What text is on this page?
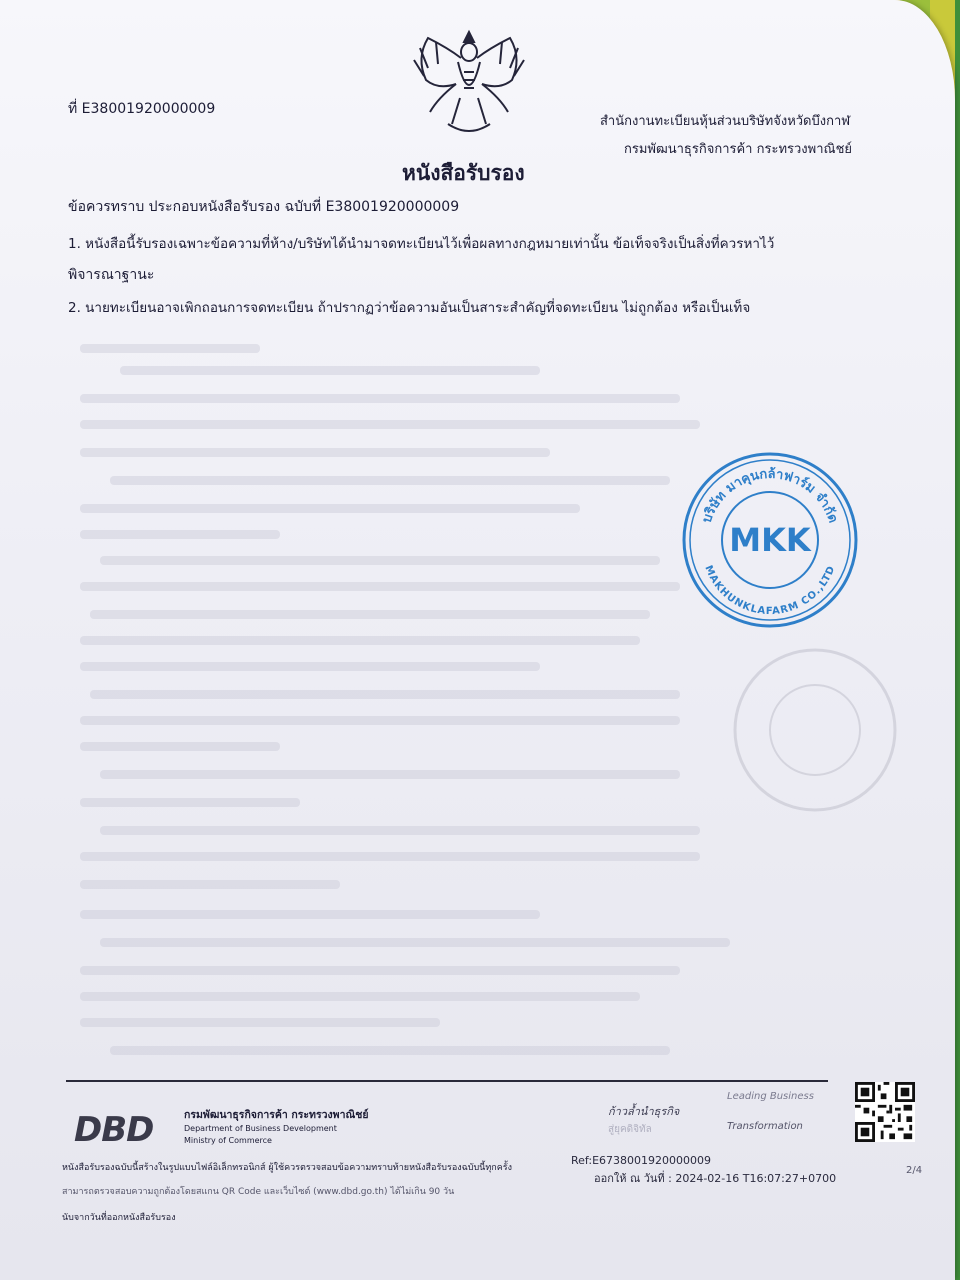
ที่ E38001920000009
สำนักงานทะเบียนหุ้นส่วนบริษัทจังหวัดบึงกาฬ
กรมพัฒนาธุรกิจการค้า กระทรวงพาณิชย์
หนังสือรับรอง
ข้อควรทราบ ประกอบหนังสือรับรอง ฉบับที่ E38001920000009
1. หนังสือนี้รับรองเฉพาะข้อความที่ห้าง/บริษัทได้นำมาจดทะเบียนไว้เพื่อผลทางกฎหมายเท่านั้น ข้อเท็จจริงเป็นสิ่งที่ควรหาไว้
พิจารณาฐานะ
2. นายทะเบียนอาจเพิกถอนการจดทะเบียน ถ้าปรากฏว่าข้อความอันเป็นสาระสำคัญที่จดทะเบียน ไม่ถูกต้อง หรือเป็นเท็จ
บริษัท มาคุนกล้าฟาร์ม จำกัด
MAKHUNKLAFARM CO.,LTD
MKK
DBD	กรมพัฒนาธุรกิจการค้า กระทรวงพาณิชย์
Department of Business Development
Ministry of Commerce
ก้าวล้ำนำธุรกิจ
สู่ยุคดิจิทัล
Leading Business
Transformation
Ref:E6738001920000009
ออกให้ ณ วันที่ : 2024-02-16 T16:07:27+0700
2/4
หนังสือรับรองฉบับนี้สร้างในรูปแบบไฟล์อิเล็กทรอนิกส์ ผู้ใช้ควรตรวจสอบข้อความทราบท้ายหนังสือรับรองฉบับนี้ทุกครั้ง
สามารถตรวจสอบความถูกต้องโดยสแกน QR Code และเว็บไซต์ (www.dbd.go.th) ได้ไม่เกิน 90 วัน
นับจากวันที่ออกหนังสือรับรอง
